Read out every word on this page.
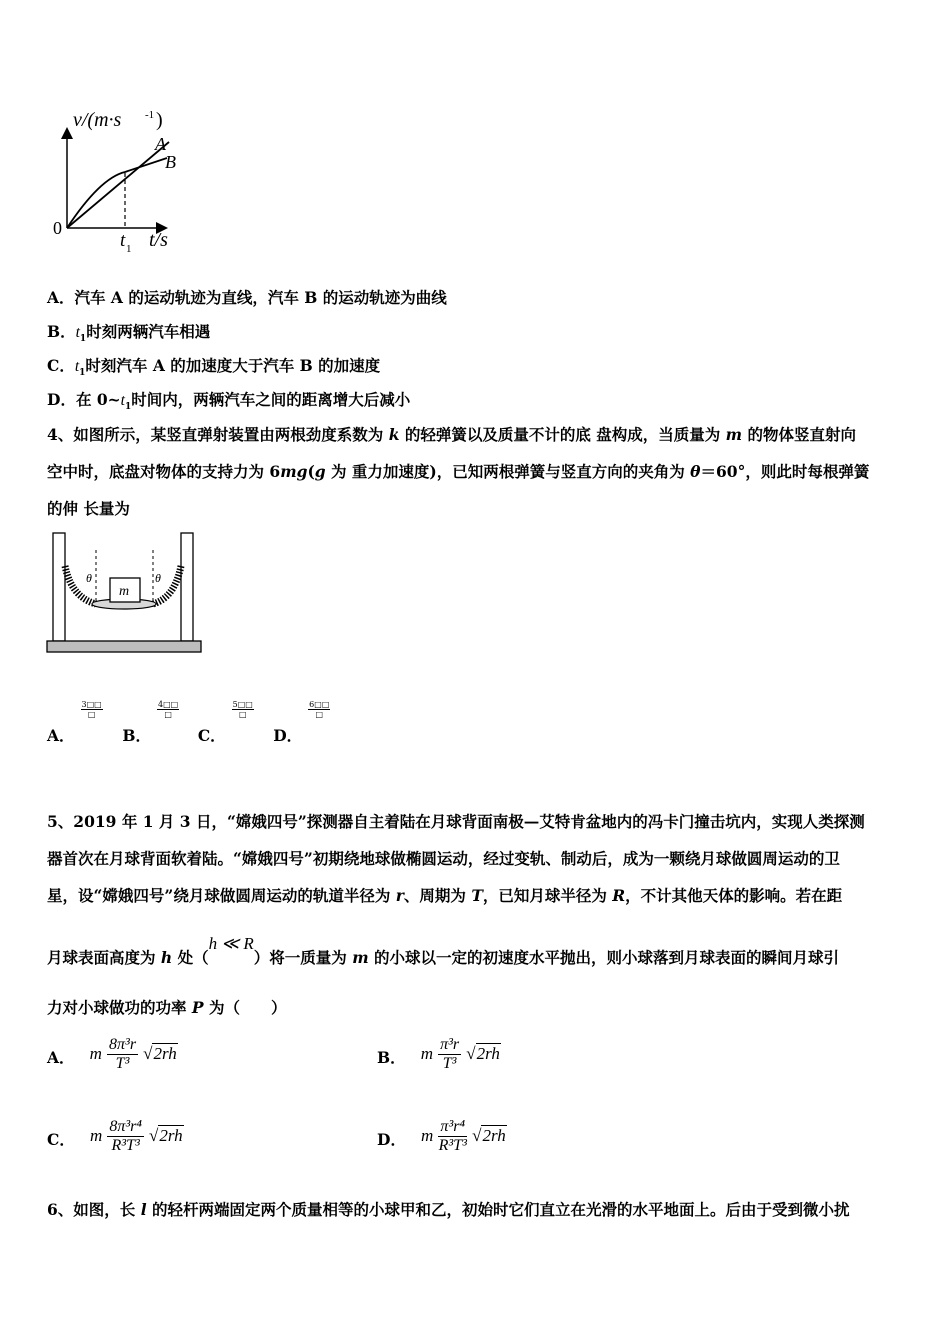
v/(m·s -1 )
A
B
0
t 1 t/s
A．汽车 A 的运动轨迹为直线，汽车 B 的运动轨迹为曲线
B．$t_1$时刻两辆汽车相遇
C．$t_1$时刻汽车 A 的加速度大于汽车 B 的加速度
D．在 $0\sim t_1$时间内，两辆汽车之间的距离增大后减小
4、如图所示，某竖直弹射装置由两根劲度系数为 k 的轻弹簧以及质量不计的底 盘构成，当质量为 m 的物体竖直射向
空中时，底盘对物体的支持力为 6mg(g 为 重力加速度)，已知两根弹簧与竖直方向的夹角为 θ＝60°，则此时每根弹簧
的伸 长量为
m
θ	θ
A．
$\frac{3□□}{□}$ B．
$\frac{4□□}{□}$ C．
$\frac{5□□}{□}$ D．
$\frac{6□□}{□}$
5、2019 年 1 月 3 日，“嫦娥四号”探测器自主着陆在月球背面南极—艾特肯盆地内的冯卡门撞击坑内，实现人类探测
器首次在月球背面软着陆。“嫦娥四号”初期绕地球做椭圆运动，经过变轨、制动后，成为一颗绕月球做圆周运动的卫
星，设“嫦娥四号”绕月球做圆周运动的轨道半径为 r、周期为 T，已知月球半径为 R，不计其他天体的影响。若在距
月球表面高度为 h 处（h ≪ R）将一质量为 m 的小球以一定的初速度水平抛出，则小球落到月球表面的瞬间月球引
力对小球做功的功率 P 为（　　）
A． m $\frac{\text{8π³r}}{\text{T³}} √2rh$	B． m $\frac{\text{π³r}}{\text{T³}} √2rh$
C． m $\frac{\text{8π³r⁴}}{\text{R³T³}} √2rh$	D． m $\frac{\text{π³r⁴}}{\text{R³T³}} √2rh$
6、如图，长 l 的轻杆两端固定两个质量相等的小球甲和乙，初始时它们直立在光滑的水平地面上。后由于受到微小扰
